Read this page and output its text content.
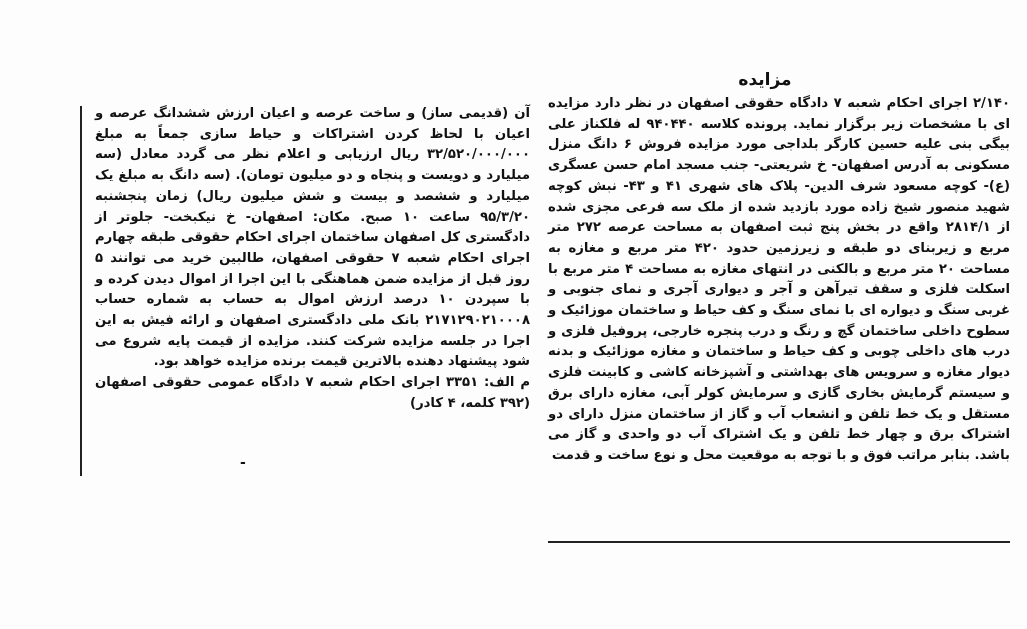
مزایده

۲/۱۴۰ اجرای احکام شعبه ۷ دادگاه حقوقی اصفهان در نظر دارد مزایده ای با مشخصات زیر برگزار نماید. پرونده کلاسه ۹۴۰۴۴۰ له فلکناز علی بیگی بنی علیه حسین کارگر بلداجی مورد مزایده فروش ۶ دانگ منزل مسکونی به آدرس اصفهان- خ شریعتی- جنب مسجد امام حسن عسگری (ع)- کوچه مسعود شرف الدین- پلاک های شهری ۴۱ و ۴۳- نبش کوچه شهید منصور شیخ زاده مورد بازدید شده از ملک سه فرعی مجزی شده از ۲۸۱۴/۱ واقع در بخش پنج ثبت اصفهان به مساحت عرصه ۲۷۲ متر مربع و زیربنای دو طبقه و زیرزمین حدود ۴۲۰ متر مربع و مغازه به مساحت ۲۰ متر مربع و بالکنی در انتهای مغازه به مساحت ۴ متر مربع با اسکلت فلزی و سقف تیرآهن و آجر و دیواری آجری و نمای جنوبی و غربی سنگ و دیواره ای با نمای سنگ و کف حیاط و ساختمان موزائیک و سطوح داخلی ساختمان گچ و رنگ و درب پنجره خارجی، پروفیل فلزی و درب های داخلی چوبی و کف حیاط و ساختمان و مغازه موزائیک و بدنه دیوار مغازه و سرویس های بهداشتی و آشپزخانه کاشی و کابینت فلزی و سیستم گرمایش بخاری گازی و سرمایش کولر آبی، مغازه دارای برق مستقل و یک خط تلفن و انشعاب آب و گاز از ساختمان منزل دارای دو اشتراک برق و چهار خط تلفن و یک اشتراک آب دو واحدی و گاز می باشد. بنابر مراتب فوق و با توجه به موقعیت محل و نوع ساخت و قدمت

آن (قدیمی ساز) و ساخت عرصه و اعیان ارزش ششدانگ عرصه و اعیان با لحاظ کردن اشتراکات و حیاط سازی جمعاً به مبلغ ۳۲/۵۲۰/۰۰۰/۰۰۰ ریال ارزیابی و اعلام نظر می گردد معادل (سه میلیارد و دویست و پنجاه و دو میلیون تومان). (سه دانگ به مبلغ یک میلیارد و ششصد و بیست و شش میلیون ریال) زمان پنجشنبه ۹۵/۳/۲۰ ساعت ۱۰ صبح. مکان: اصفهان- خ نیکبخت- جلوتر از دادگستری کل اصفهان ساختمان اجرای احکام حقوقی طبقه چهارم اجرای احکام شعبه ۷ حقوقی اصفهان، طالبین خرید می توانند ۵ روز قبل از مزایده ضمن هماهنگی با این اجرا از اموال دیدن کرده و با سپردن ۱۰ درصد ارزش اموال به حساب به شماره حساب ۲۱۷۱۲۹۰۲۱۰۰۰۸ بانک ملی دادگستری اصفهان و ارائه فیش به این اجرا در جلسه مزایده شرکت کنند. مزایده از قیمت پایه شروع می شود پیشنهاد دهنده بالاترین قیمت برنده مزایده خواهد بود.

م الف: ۳۳۵۱ اجرای احکام شعبه ۷ دادگاه عمومی حقوقی اصفهان (۳۹۲ کلمه، ۴ کادر)

-
